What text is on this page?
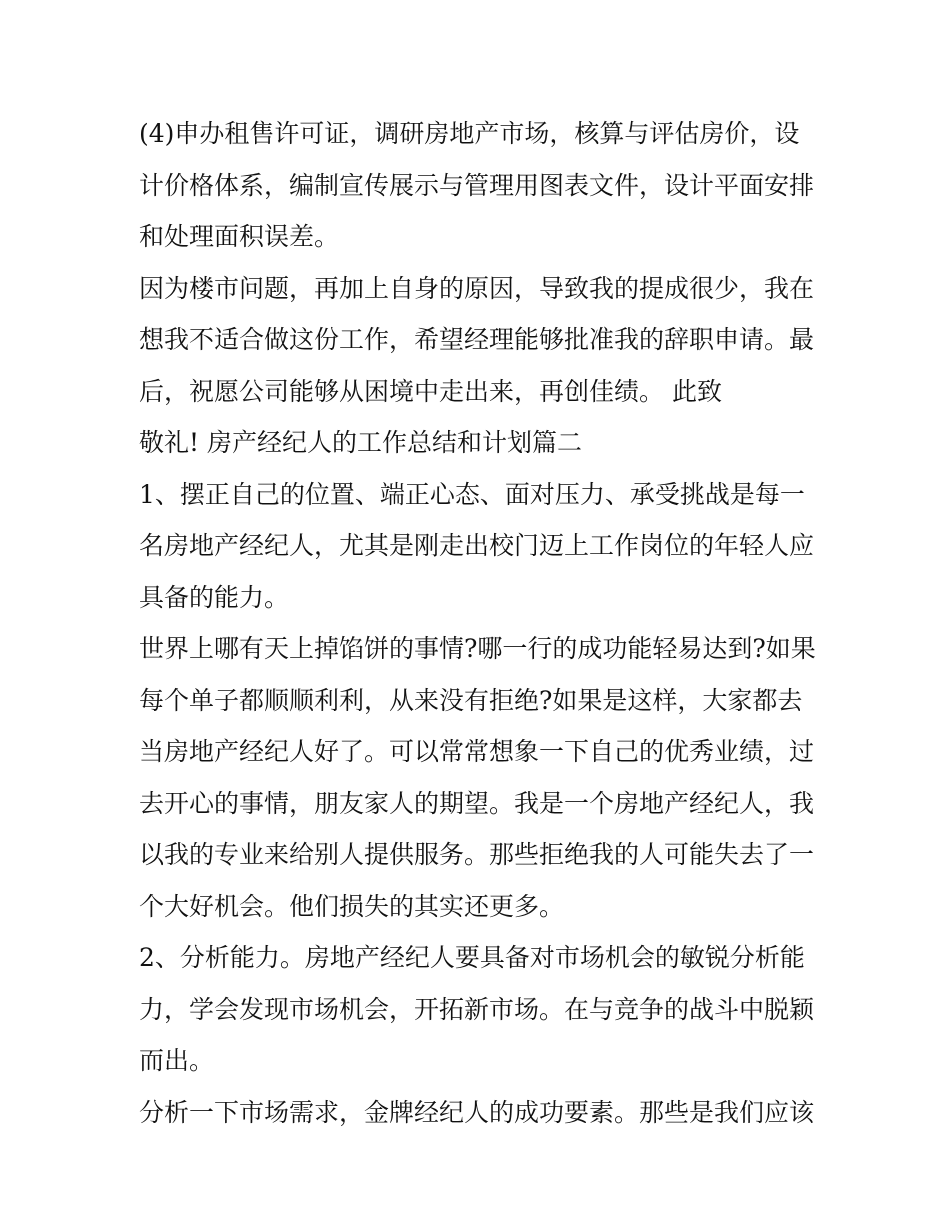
(4)申办租售许可证，调研房地产市场，核算与评估房价，设
计价格体系，编制宣传展示与管理用图表文件，设计平面安排
和处理面积误差。
因为楼市问题，再加上自身的原因，导致我的提成很少，我在
想我不适合做这份工作，希望经理能够批准我的辞职申请。最
后，祝愿公司能够从困境中走出来，再创佳绩。 此致
敬礼! 房产经纪人的工作总结和计划篇二
1、摆正自己的位置、端正心态、面对压力、承受挑战是每一
名房地产经纪人，尤其是刚走出校门迈上工作岗位的年轻人应
具备的能力。
世界上哪有天上掉馅饼的事情?哪一行的成功能轻易达到?如果
每个单子都顺顺利利，从来没有拒绝?如果是这样，大家都去
当房地产经纪人好了。可以常常想象一下自己的优秀业绩，过
去开心的事情，朋友家人的期望。我是一个房地产经纪人，我
以我的专业来给别人提供服务。那些拒绝我的人可能失去了一
个大好机会。他们损失的其实还更多。
2、分析能力。房地产经纪人要具备对市场机会的敏锐分析能
力，学会发现市场机会，开拓新市场。在与竞争的战斗中脱颖
而出。
分析一下市场需求，金牌经纪人的成功要素。那些是我们应该
